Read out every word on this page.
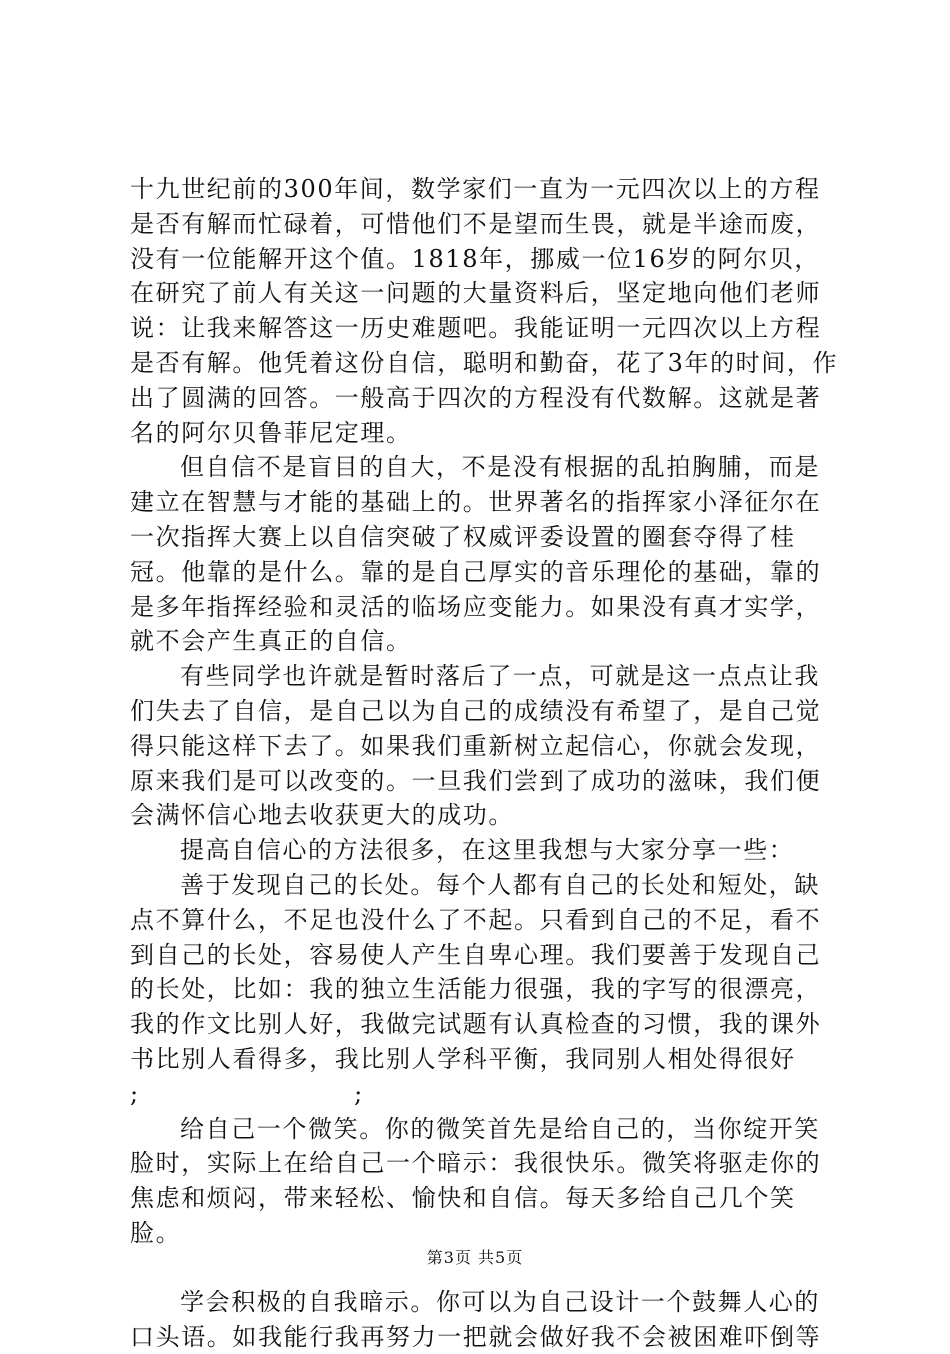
十九世纪前的300年间，数学家们一直为一元四次以上的方程是否有解而忙碌着，可惜他们不是望而生畏，就是半途而废，没有一位能解开这个值。1818年，挪威一位16岁的阿尔贝，在研究了前人有关这一问题的大量资料后，坚定地向他们老师说：让我来解答这一历史难题吧。我能证明一元四次以上方程是否有解。他凭着这份自信，聪明和勤奋，花了3年的时间，作出了圆满的回答。一般高于四次的方程没有代数解。这就是著名的阿尔贝鲁菲尼定理。

但自信不是盲目的自大，不是没有根据的乱拍胸脯，而是建立在智慧与才能的基础上的。世界著名的指挥家小泽征尔在一次指挥大赛上以自信突破了权威评委设置的圈套夺得了桂冠。他靠的是什么。靠的是自己厚实的音乐理伦的基础，靠的是多年指挥经验和灵活的临场应变能力。如果没有真才实学，就不会产生真正的自信。

有些同学也许就是暂时落后了一点，可就是这一点点让我们失去了自信，是自己以为自己的成绩没有希望了，是自己觉得只能这样下去了。如果我们重新树立起信心，你就会发现，原来我们是可以改变的。一旦我们尝到了成功的滋味，我们便会满怀信心地去收获更大的成功。

提高自信心的方法很多，在这里我想与大家分享一些：

善于发现自己的长处。每个人都有自己的长处和短处，缺点不算什么，不足也没什么了不起。只看到自己的不足，看不到自己的长处，容易使人产生自卑心理。我们要善于发现自己的长处，比如：我的独立生活能力很强，我的字写的很漂亮，我的作文比别人好，我做完试题有认真检查的习惯，我的课外书比别人看得多，我比别人学科平衡，我同别人相处得很好

;　　　　　　　　　;

给自己一个微笑。你的微笑首先是给自己的，当你绽开笑脸时，实际上在给自己一个暗示：我很快乐。微笑将驱走你的焦虑和烦闷，带来轻松、愉快和自信。每天多给自己几个笑脸。

学会积极的自我暗示。你可以为自己设计一个鼓舞人心的口头语。如我能行我再努力一把就会做好我不会被困难吓倒等

第3页 共5页
